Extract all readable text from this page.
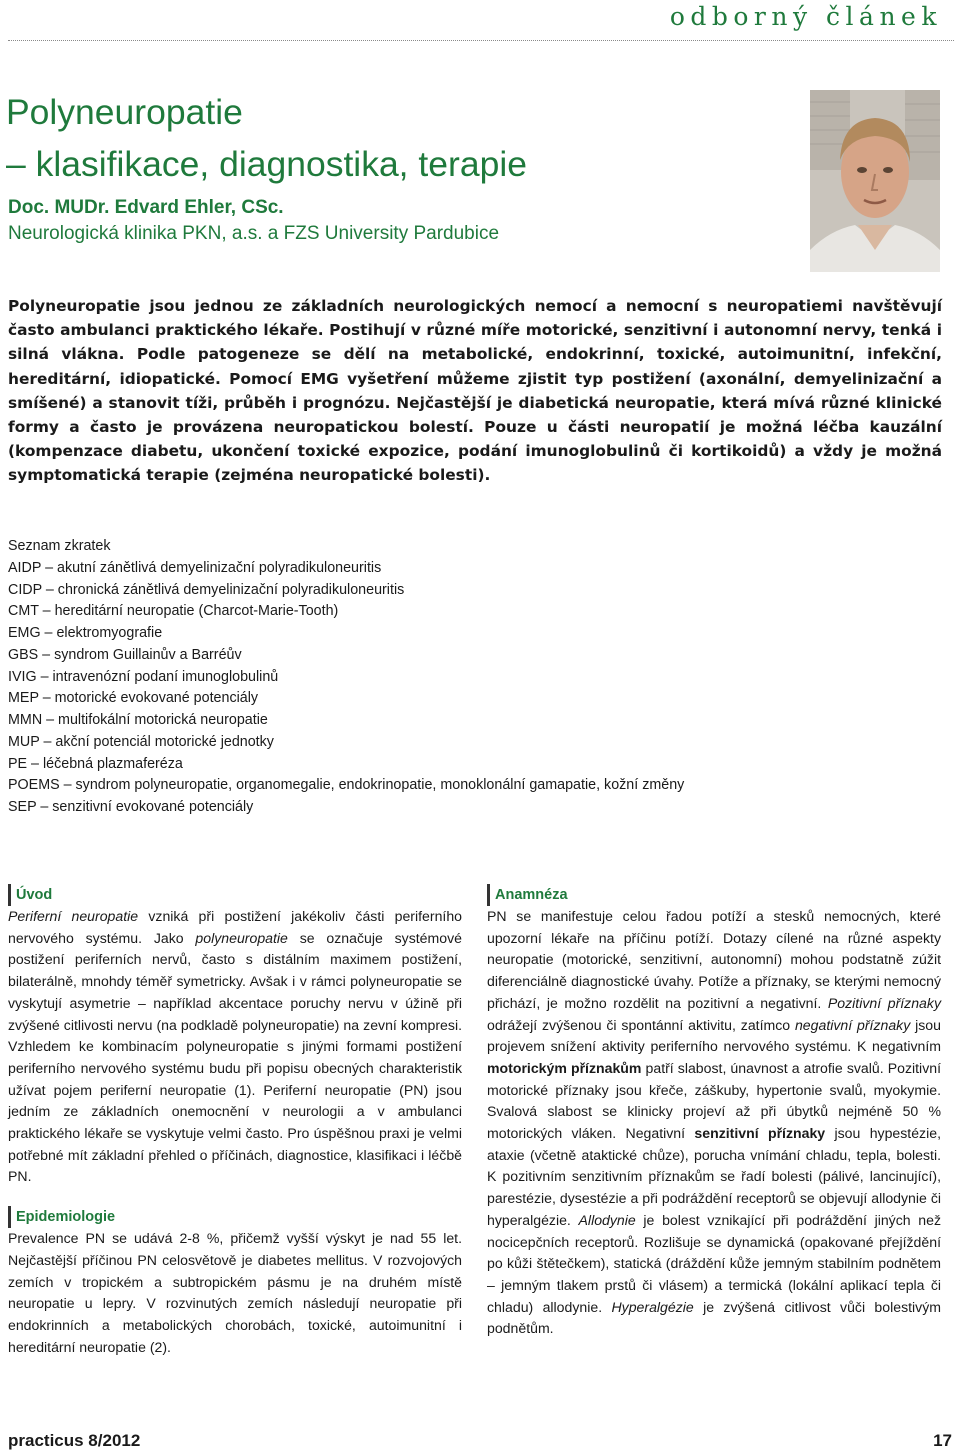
odborný článek
Polyneuropatie
– klasifikace, diagnostika, terapie
Doc. MUDr. Edvard Ehler, CSc.
Neurologická klinika PKN, a.s. a FZS University Pardubice
Polyneuropatie jsou jednou ze základních neurologických nemocí a nemocní s neuropatiemi navštěvují často ambulanci praktického lékaře. Postihují v různé míře motorické, senzitivní i autonomní nervy, tenká i silná vlákna. Podle patogeneze se dělí na metabolické, endokrinní, toxické, autoimunitní, infekční, hereditární, idiopatické. Pomocí EMG vyšetření můžeme zjistit typ postižení (axonální, demyelinizační a smíšené) a stanovit tíži, průběh i prognózu. Nejčastější je diabetická neuropatie, která mívá různé klinické formy a často je provázena neuropatickou bolestí. Pouze u části neuropatií je možná léčba kauzální (kompenzace diabetu, ukončení toxické expozice, podání imunoglobulinů či kortikoidů) a vždy je možná symptomatická terapie (zejména neuropatické bolesti).
Seznam zkratek
AIDP – akutní zánětlivá demyelinizační polyradikuloneuritis
CIDP – chronická zánětlivá demyelinizační polyradikuloneuritis
CMT – hereditární neuropatie (Charcot-Marie-Tooth)
EMG – elektromyografie
GBS – syndrom Guillainův a Barréův
IVIG – intravenózní podaní imunoglobulinů
MEP – motorické evokované potenciály
MMN – multifokální motorická neuropatie
MUP – akční potenciál motorické jednotky
PE – léčebná plazmaferéza
POEMS – syndrom polyneuropatie, organomegalie, endokrinopatie, monoklonální gamapatie, kožní změny
SEP – senzitivní evokované potenciály
Úvod

Periferní neuropatie vzniká při postižení jakékoliv části periferního nervového systému. Jako polyneuropatie se označuje systémové postižení periferních nervů, často s distálním maximem postižení, bilaterálně, mnohdy téměř symetricky. Avšak i v rámci polyneuropatie se vyskytují asymetrie – například akcentace poruchy nervu v úžině při zvýšené citlivosti nervu (na podkladě polyneuropatie) na zevní kompresi. Vzhledem ke kombinacím polyneuropatie s jinými formami postižení periferního nervového systému budu při popisu obecných charakteristik užívat pojem periferní neuropatie (1). Periferní neuropatie (PN) jsou jedním ze základních onemocnění v neurologii a v ambulanci praktického lékaře se vyskytuje velmi často. Pro úspěšnou praxi je velmi potřebné mít základní přehled o příčinách, diagnostice, klasifikaci i léčbě PN.

Epidemiologie

Prevalence PN se udává 2-8 %, přičemž vyšší výskyt je nad 55 let. Nejčastější příčinou PN celosvětově je diabetes mellitus. V rozvojových zemích v tropickém a subtropickém pásmu je na druhém místě neuropatie u lepry. V rozvinutých zemích následují neuropatie při endokrinních a metabolických chorobách, toxické, autoimunitní i hereditární neuropatie (2).

Anamnéza

PN se manifestuje celou řadou potíží a stesků nemocných, které upozorní lékaře na příčinu potíží. Dotazy cílené na různé aspekty neuropatie (motorické, senzitivní, autonomní) mohou podstatně zúžit diferenciálně diagnostické úvahy. Potíže a příznaky, se kterými nemocný přichází, je možno rozdělit na pozitivní a negativní. Pozitivní příznaky odrážejí zvýšenou či spontánní aktivitu, zatímco negativní příznaky jsou projevem snížení aktivity periferního nervového systému. K negativním motorickým příznakům patří slabost, únavnost a atrofie svalů. Pozitivní motorické příznaky jsou křeče, záškuby, hypertonie svalů, myokymie. Svalová slabost se klinicky projeví až při úbytků nejméně 50 % motorických vláken. Negativní senzitivní příznaky jsou hypestézie, ataxie (včetně ataktické chůze), porucha vnímání chladu, tepla, bolesti. K pozitivním senzitivním příznakům se řadí bolesti (pálivé, lancinující), parestézie, dysestézie a při podráždění receptorů se objevují allodynie či hyperalgézie. Allodynie je bolest vznikající při podráždění jiných než nocicepčních receptorů. Rozlišuje se dynamická (opakované přejíždění po kůži štětečkem), statická (dráždění kůže jemným stabilním podnětem – jemným tlakem prstů či vlásem) a termická (lokální aplikací tepla či chladu) allodynie. Hyperalgézie je zvýšená citlivost vůči bolestivým podnětům.

practicus 8/2012	17
